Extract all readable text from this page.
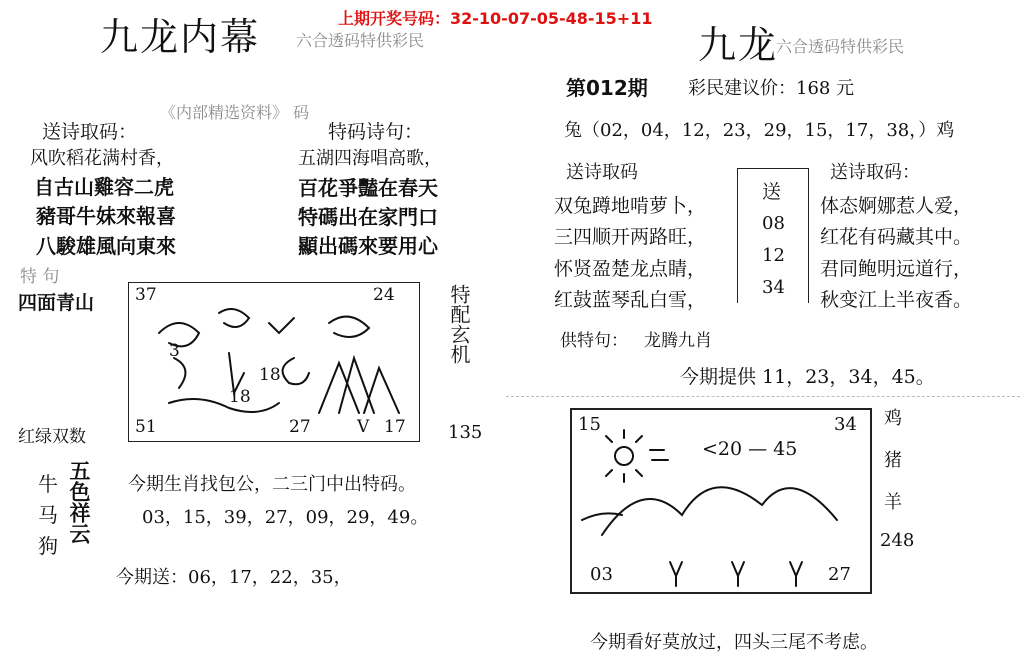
上期开奖号码：32-10-07-05-48-15+11
九龙内幕 六合透码特供彩民
《内部精选资料》 码
送诗取码：	特码诗句：
风吹稻花满村香，
自古山雞容二虎
豬哥牛妹來報喜
八駿雄風向東來
五湖四海唱高歌，
百花爭豔在春天
特碼出在家門口
顯出碼來要用心
特 句
四面青山 37	24
51	17
3
27	V
18
18
特配玄机
135
红绿双数
牛
马
狗
五色祥云 今期生肖找包公，二三门中出特码。
03，15，39，27，09，29，49。
今期送：06，17，22，35，
九龙
六合透码特供彩民
第012期 彩民建议价：168 元
兔（02，04，12，23，29，15，17，38，）鸡
送诗取码	送诗取码：
双兔蹲地啃萝卜，
三四顺开两路旺，
怀贤盈楚龙点睛，
红鼓蓝琴乱白雪，
送
08
12
34
体态婀娜惹人爱，
红花有码藏其中。
君同鲍明远道行，
秋变江上半夜香。
供特句： 龙腾九肖
今期提供 11，23，34，45。
15	34
03	27
<20 — 45
鸡
猪
羊
248
今期看好莫放过，四头三尾不考虑。
